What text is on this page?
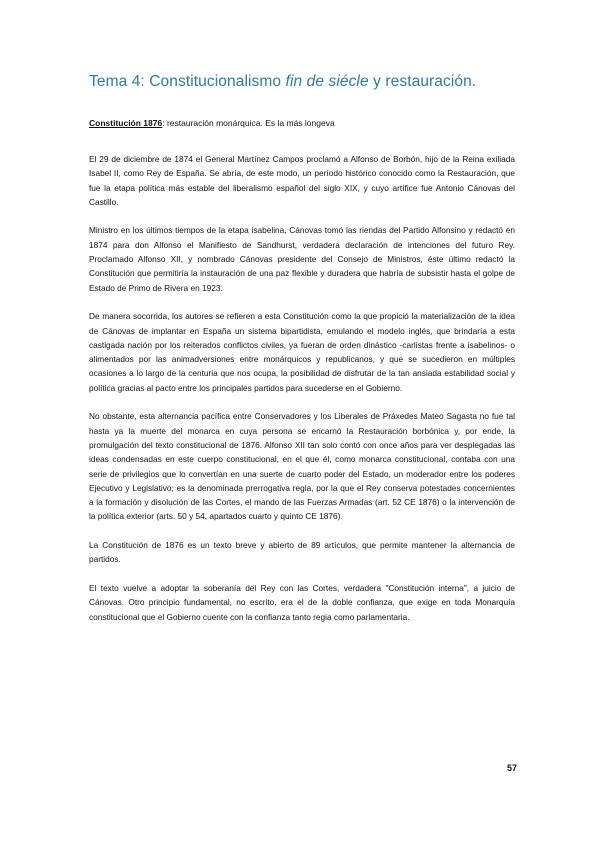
Tema 4: Constitucionalismo fin de siécle y restauración.
Constitución 1876: restauración monárquica. Es la más longeva

El 29 de diciembre de 1874 el General Martínez Campos proclamó a Alfonso de Borbón, hijo de la Reina exiliada Isabel II, como Rey de España. Se abría, de este modo, un período histórico conocido como la Restauración, que fue la etapa política más estable del liberalismo español del siglo XIX, y cuyo artífice fue Antonio Cánovas del Castillo.

Ministro en los últimos tiempos de la etapa isabelina, Cánovas tomó las riendas del Partido Alfonsino y redactó en 1874 para don Alfonso el Manifiesto de Sandhurst, verdadera declaración de intenciones del futuro Rey. Proclamado Alfonso XII, y nombrado Cánovas presidente del Consejo de Ministros, éste último redactó la Constitución que permitiría la instauración de una paz flexible y duradera que habría de subsistir hasta el golpe de Estado de Primo de Rivera en 1923.

De manera socorrida, los autores se refieren a esta Constitución como la que propició la materialización de la idea de Cánovas de implantar en España un sistema bipartidista, emulando el modelo inglés, que brindaría a esta castigada nación por los reiterados conflictos civiles, ya fueran de orden dinástico -carlistas frente a isabelinos- o alimentados por las animadversiones entre monárquicos y republicanos, y que se sucedieron en múltiples ocasiones a lo largo de la centuria que nos ocupa, la posibilidad de disfrutar de la tan ansiada estabilidad social y política gracias al pacto entre los principales partidos para sucederse en el Gobierno.

No obstante, esta alternancia pacífica entre Conservadores y los Liberales de Práxedes Mateo Sagasta no fue tal hasta ya la muerte del monarca en cuya persona se encarnó la Restauración borbónica y, por ende, la promulgación del texto constitucional de 1876. Alfonso XII tan solo contó con once años para ver desplegadas las ideas condensadas en este cuerpo constitucional, en el que él, como monarca constitucional, contaba con una serie de privilegios que lo convertían en una suerte de cuarto poder del Estado, un moderador entre los poderes Ejecutivo y Legislativo; es la denominada prerrogativa regia, por la que el Rey conserva potestades concernientes a la formación y disolución de las Cortes, el mando de las Fuerzas Armadas (art. 52 CE 1876) o la intervención de la política exterior (arts. 50 y 54, apartados cuarto y quinto CE 1876).

La Constitución de 1876 es un texto breve y abierto de 89 artículos, que permite mantener la alternancia de partidos.

El texto vuelve a adoptar la soberanía del Rey con las Cortes, verdadera "Constitución interna", a juicio de Cánovas. Otro principio fundamental, no escrito, era el de la doble confianza, que exige en toda Monarquía constitucional que el Gobierno cuente con la confianza tanto regia como parlamentaria.

57
